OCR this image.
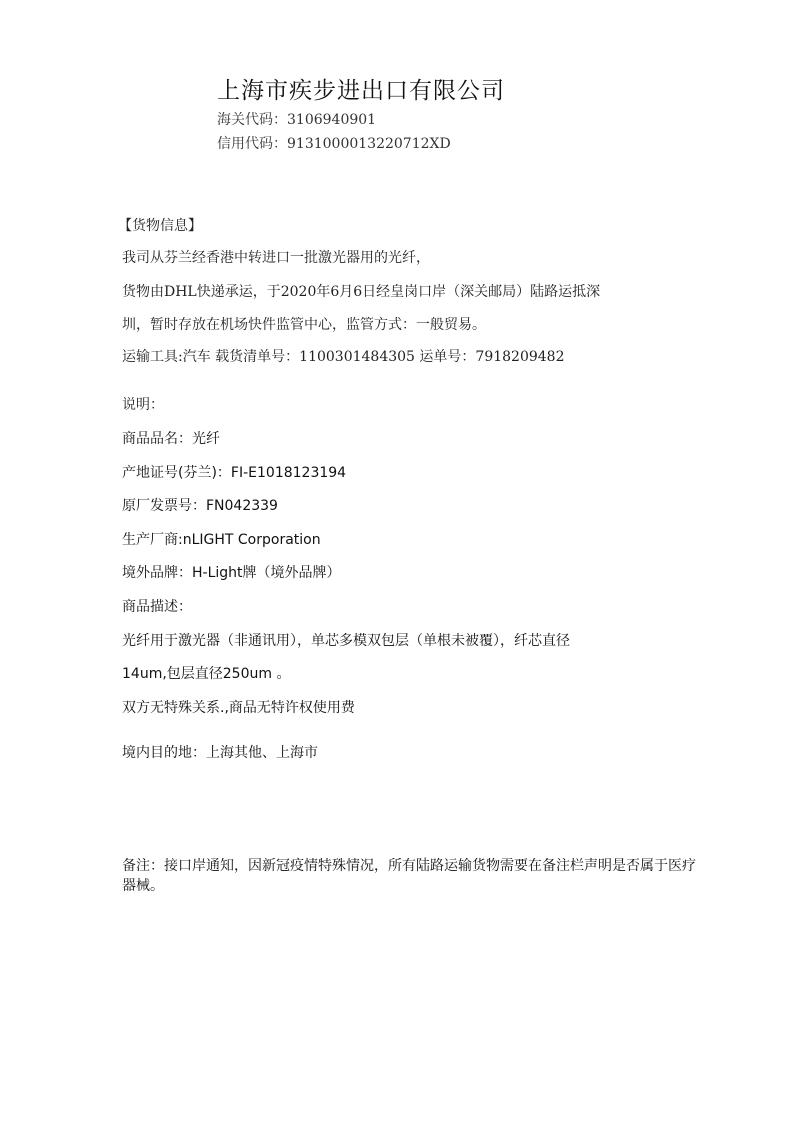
上海市疾步进出口有限公司
海关代码：3106940901
信用代码：9131000013220712XD
【货物信息】
我司从芬兰经香港中转进口一批激光器用的光纤，
货物由DHL快递承运，于2020年6月6日经皇岗口岸（深关邮局）陆路运抵深
圳，暂时存放在机场快件监管中心，监管方式：一般贸易。
运输工具:汽车 载货清单号：1100301484305 运单号：7918209482
说明：
商品品名：光纤
产地证号(芬兰)：FI-E1018123194
原厂发票号：FN042339
生产厂商:nLIGHT Corporation
境外品牌：H-Light牌（境外品牌）
商品描述：
光纤用于激光器（非通讯用），单芯多模双包层（单根未被覆），纤芯直径
14um,包层直径250um 。
双方无特殊关系.,商品无特许权使用费
境内目的地：上海其他、上海市
备注：接口岸通知，因新冠疫情特殊情况，所有陆路运输货物需要在备注栏声明是否属于医疗器械。
